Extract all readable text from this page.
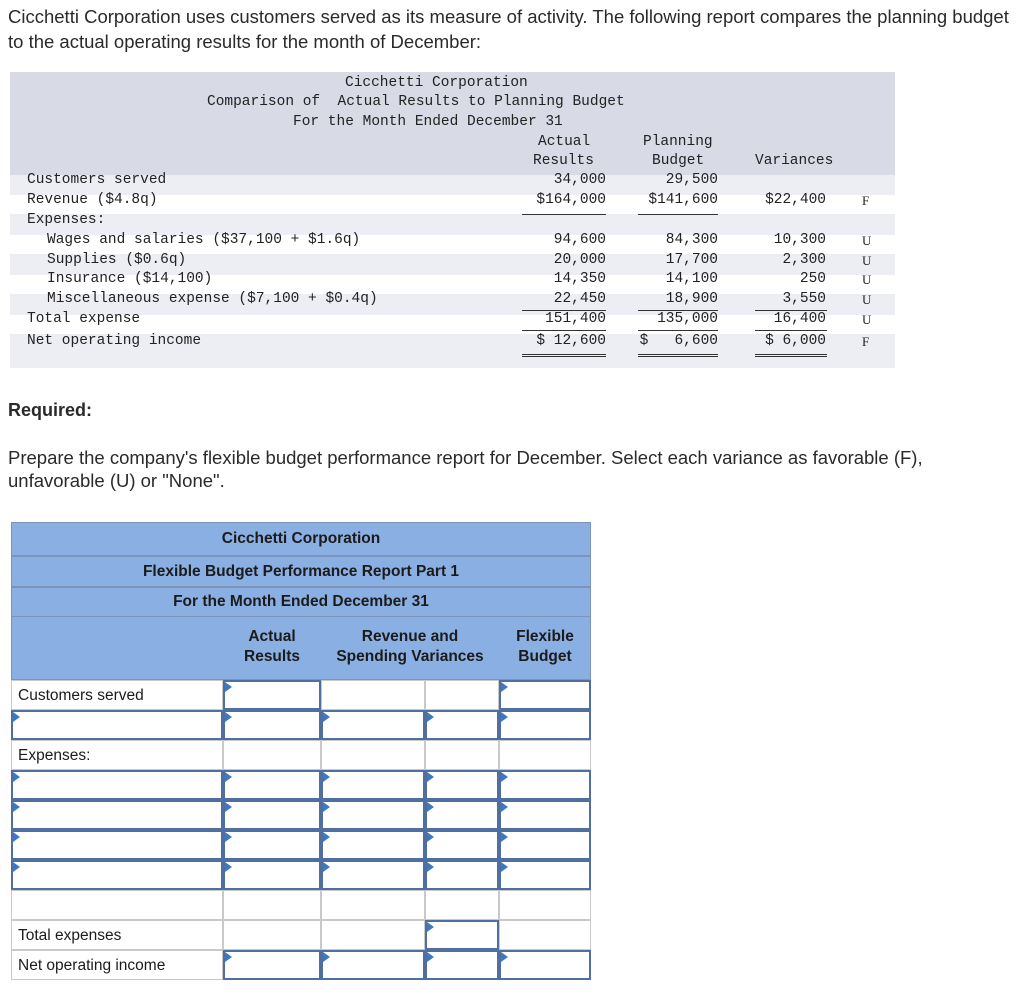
Cicchetti Corporation uses customers served as its measure of activity. The following report compares the planning budget to the actual operating results for the month of December:

Cicchetti Corporation
Comparison of  Actual Results to Planning Budget
For the Month Ended December 31
Actual
Results
Planning
Budget	Variances
Customers served	34,000	29,500
Revenue ($4.8q)	$164,000	$141,600	$22,400	F
Expenses:
Wages and salaries ($37,100 + $1.6q)	94,600	84,300	10,300	U
Supplies ($0.6q)	20,000	17,700	2,300	U
Insurance ($14,100)	14,350	14,100	250	U
Miscellaneous expense ($7,100 + $0.4q)	22,450	18,900	3,550	U
Total expense	151,400	135,000	16,400	U
Net operating income	$ 12,600	$   6,600	$ 6,000	F

Required:

Prepare the company's flexible budget performance report for December. Select each variance as favorable (F), unfavorable (U) or "None".

Cicchetti Corporation
Flexible Budget Performance Report Part 1
For the Month Ended December 31
Actual
Results
Revenue and
Spending Variances
Flexible
Budget
Customers served
Expenses:
Total expenses
Net operating income
